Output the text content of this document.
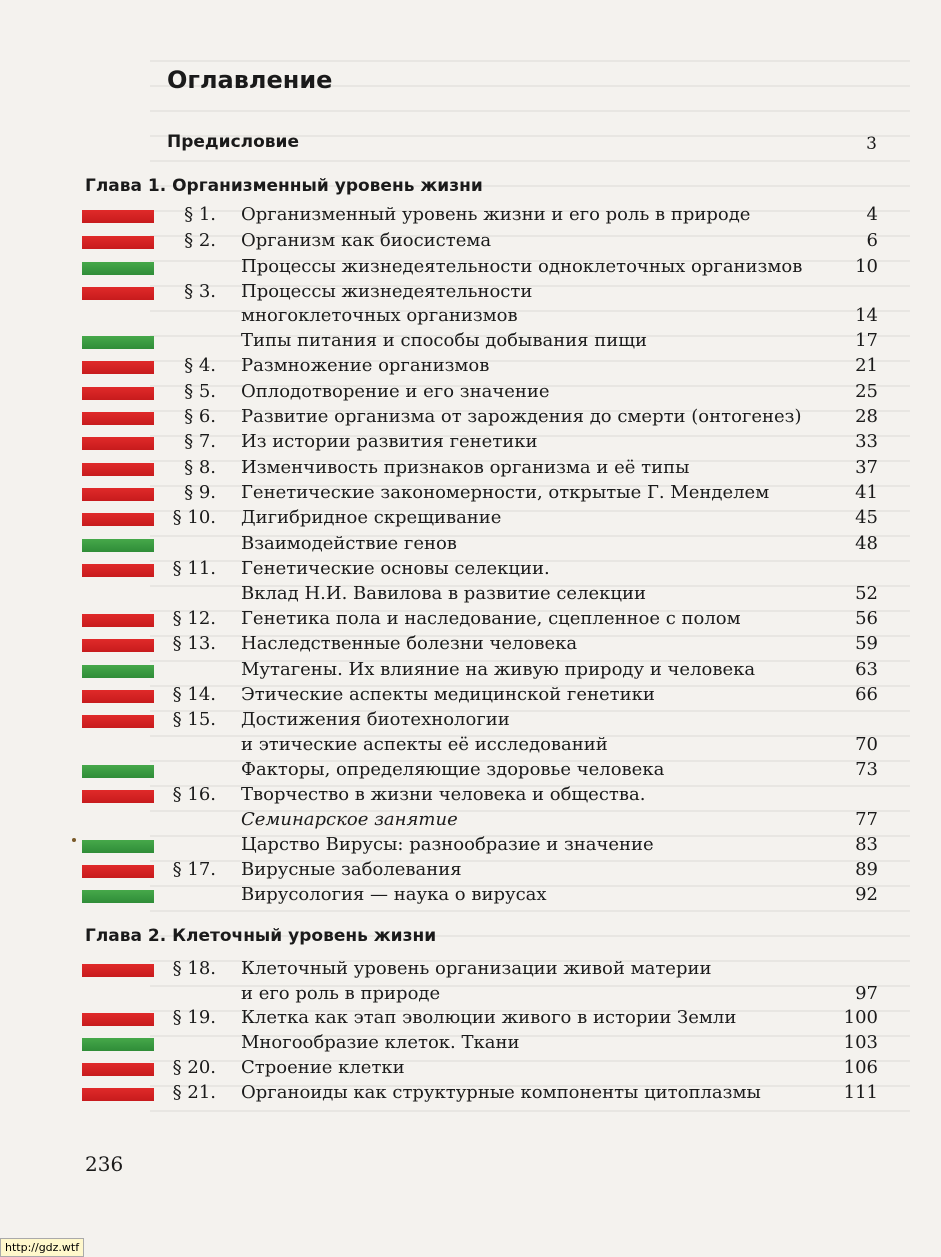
Оглавление
Предисловие	3
Глава 1. Организменный уровень жизни
Глава 2. Клеточный уровень жизни
§ 1. Организменный уровень жизни и его роль в природе	4
§ 2. Организм как биосистема	6
Процессы жизнедеятельности одноклеточных организмов	10
§ 3. Процессы жизнедеятельности
многоклеточных организмов	14
Типы питания и способы добывания пищи	17
§ 4. Размножение организмов	21
§ 5. Оплодотворение и его значение	25
§ 6. Развитие организма от зарождения до смерти (онтогенез)	28
§ 7. Из истории развития генетики	33
§ 8. Изменчивость признаков организма и её типы	37
§ 9. Генетические закономерности, открытые Г. Менделем	41
§ 10. Дигибридное скрещивание	45
Взаимодействие генов	48
§ 11. Генетические основы селекции.
Вклад Н.И. Вавилова в развитие селекции	52
§ 12. Генетика пола и наследование, сцепленное с полом	56
§ 13. Наследственные болезни человека	59
Мутагены. Их влияние на живую природу и человека	63
§ 14. Этические аспекты медицинской генетики	66
§ 15. Достижения биотехнологии
и этические аспекты её исследований	70
Факторы, определяющие здоровье человека	73
§ 16. Творчество в жизни человека и общества.
Семинарское занятие	77
Царство Вирусы: разнообразие и значение	83
§ 17. Вирусные заболевания	89
Вирусология — наука о вирусах	92
§ 18. Клеточный уровень организации живой материи
и его роль в природе	97
§ 19. Клетка как этап эволюции живого в истории Земли	100
Многообразие клеток. Ткани	103
§ 20. Строение клетки	106
§ 21. Органоиды как структурные компоненты цитоплазмы	111
236
http://gdz.wtf
